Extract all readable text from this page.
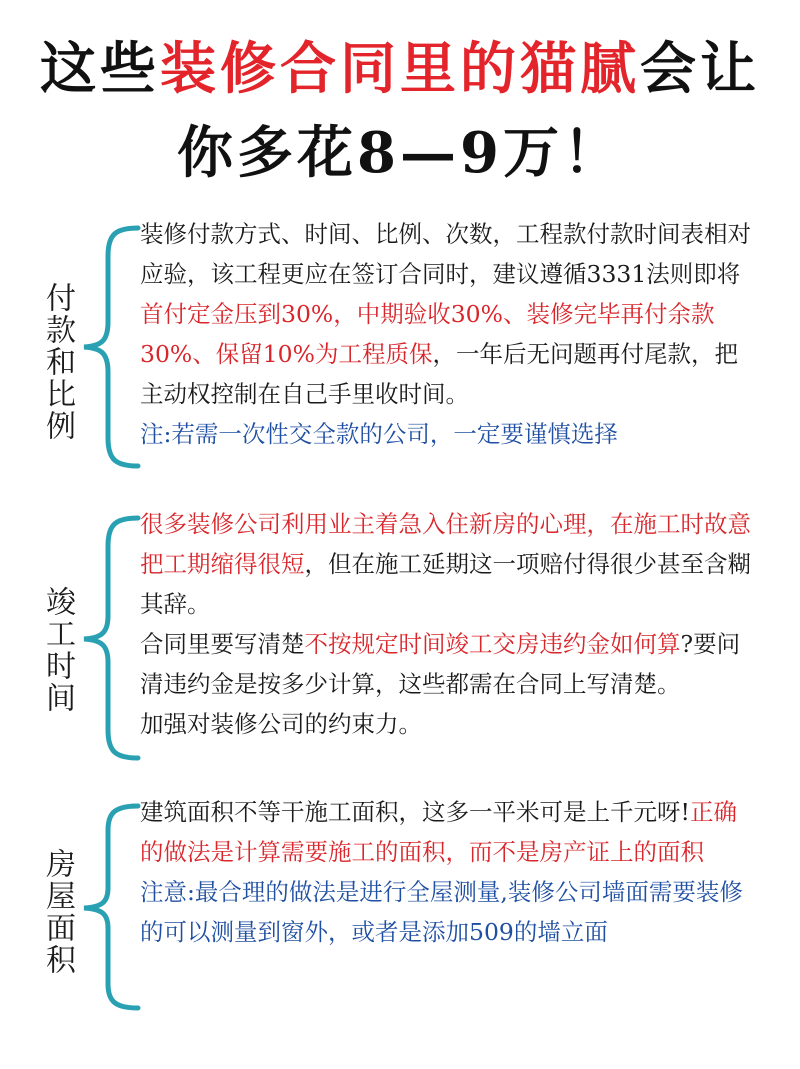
这些装修合同里的猫腻会让
你多花8—9万！
付款和比例
装修付款方式、时间、比例、次数，工程款付款时间表相对应验，该工程更应在签订合同时，建议遵循3331法则即将首付定金压到30%，中期验收30%、装修完毕再付余款30%、保留10%为工程质保，一年后无问题再付尾款，把主动权控制在自己手里收时间。
注:若需一次性交全款的公司，一定要谨慎选择
竣工时间
很多装修公司利用业主着急入住新房的心理，在施工时故意把工期缩得很短，但在施工延期这一项赔付得很少甚至含糊其辞。
合同里要写清楚不按规定时间竣工交房违约金如何算?要问清违约金是按多少计算，这些都需在合同上写清楚。
加强对装修公司的约束力。
房屋面积
建筑面积不等干施工面积，这多一平米可是上千元呀!正确的做法是计算需要施工的面积，而不是房产证上的面积
注意:最合理的做法是进行全屋测量,装修公司墙面需要装修的可以测量到窗外，或者是添加509的墙立面
